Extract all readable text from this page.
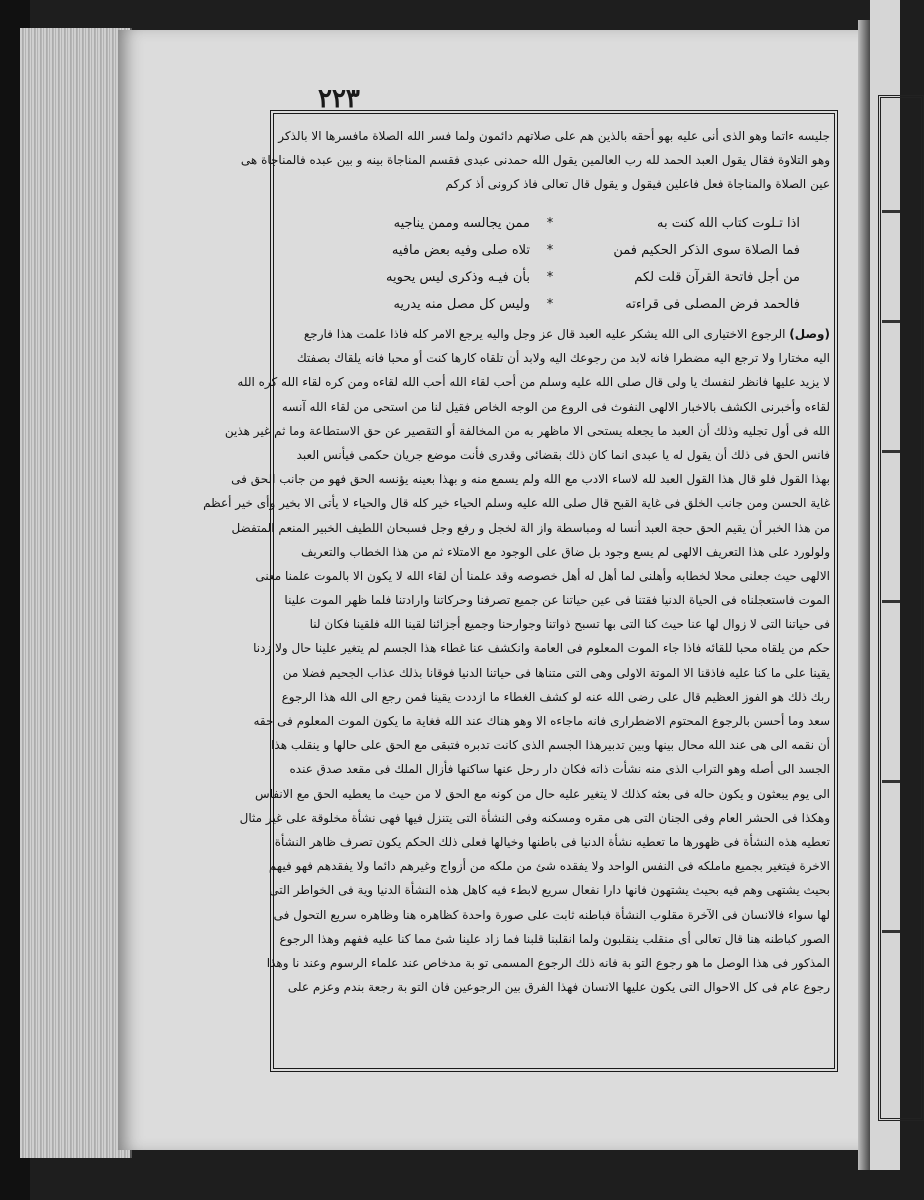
٢٢٣
جليسه ءاتما وهو الذى أنى عليه بهو أحقه بالذين هم على صلاتهم دائمون ولما فسر الله الصلاة مافسرها الا بالذكر
وهو التلاوة فقال يقول العبد الحمد لله رب العالمين يقول الله حمدنى عبدى فقسم المناجاة بينه و بين عبده فالمناجاة هى
عين الصلاة والمناجاة فعل فاعلين فيقول و يقول قال تعالى فاذ كرونى أذ كركم
اذا تـلوت كتاب الله كنت به
*
ممن يجالسه وممن يناجيه
فما الصلاة سوى الذكر الحكيم فمن
*
تلاه صلى وفيه بعض مافيه
من أجل فاتحة القرآن قلت لكم
*
بأن فيـه وذكرى ليس يحويه
فالحمد فرض المصلى فى قراءته
*
وليس كل مصل منه يدريه
(وصل) الرجوع الاختيارى الى الله يشكر عليه العبد قال عز وجل واليه يرجع الامر كله فاذا علمت هذا فارجع
اليه مختارا ولا ترجع اليه مضطرا فانه لابد من رجوعك اليه ولابد أن تلقاه كارها كنت أو محبا فانه يلقاك بصفتك
لا يزيد عليها فانظر لنفسك يا ولى قال صلى الله عليه وسلم من أحب لقاء الله أحب الله لقاءه ومن كره لقاء الله كره الله
لقاءه وأخبرنى الكشف بالاخبار الالهى النفوث فى الروع من الوجه الخاص فقيل لنا من استحى من لقاء الله آنسه
الله فى أول تجليه وذلك أن العبد ما يجعله يستحى الا ماظهر به من المخالفة أو التقصير عن حق الاستطاعة وما ثم غير هذين
فانس الحق فى ذلك أن يقول له يا عبدى انما كان ذلك بقضائى وقدرى فأنت موضع جريان حكمى فيأنس العبد
بهذا القول فلو قال هذا القول العبد لله لاساء الادب مع الله ولم يسمع منه و بهذا بعينه يؤنسه الحق فهو من جانب الحق فى
غاية الحسن ومن جانب الخلق فى غاية القبح قال صلى الله عليه وسلم الحياء خير كله قال والحياء لا يأتى الا بخير وأى خير أعظم
من هذا الخبر أن يقيم الحق حجة العبد أنسا له ومباسطة واز الة لخجل و رفع وجل فسبحان اللطيف الخبير المنعم المتفضل
ولولورد على هذا التعريف الالهى لم يسع وجود بل ضاق على الوجود مع الامتلاء ثم من هذا الخطاب والتعريف
الالهى حيث جعلنى محلا لخطابه وأهلنى لما أهل له أهل خصوصه وقد علمنا أن لقاء الله لا يكون الا بالموت علمنا معنى
الموت فاستعجلناه فى الحياة الدنيا فقتنا فى عين حياتنا عن جميع تصرفنا وحركاتنا وارادتنا فلما ظهر الموت علينا
فى حياتنا التى لا زوال لها عنا حيث كنا التى بها تسبح ذواتنا وجوارحنا وجميع أجزائنا لقينا الله فلقينا فكان لنا
حكم من يلقاه محبا للقائه فاذا جاء الموت المعلوم فى العامة وانكشف عنا غطاء هذا الجسم لم يتغير علينا حال ولا زدنا
يقينا على ما كنا عليه فاذقنا الا الموتة الاولى وهى التى متناها فى حياتنا الدنيا فوقانا بذلك عذاب الجحيم فضلا من
ربك ذلك هو الفوز العظيم قال على رضى الله عنه لو كشف الغطاء ما ازددت يقينا فمن رجع الى الله هذا الرجوع
سعد وما أحسن بالرجوع المحتوم الاضطرارى فانه ماجاءه الا وهو هناك عند الله فغاية ما يكون الموت المعلوم فى حقه
أن نقمه الى هى عند الله محال بينها وبين تدبيرهذا الجسم الذى كانت تدبره فتبقى مع الحق على حالها و ينقلب هذا
الجسد الى أصله وهو التراب الذى منه نشأت ذاته فكان دار رحل عنها ساكنها فأزال الملك فى مقعد صدق عنده
الى يوم يبعثون و يكون حاله فى بعثه كذلك لا يتغير عليه حال من كونه مع الحق لا من حيث ما يعطيه الحق مع الانفاس
وهكذا فى الحشر العام وفى الجنان التى هى مقره ومسكنه وفى النشأة التى يتنزل فيها فهى نشأة مخلوقة على غير مثال
تعطيه هذه النشأة فى ظهورها ما تعطيه نشأة الدنيا فى باطنها وخيالها فعلى ذلك الحكم يكون تصرف ظاهر النشأة
الاخرة فيتغير بجميع ماملكه فى النفس الواحد ولا يفقده شئ من ملكه من أزواج وغيرهم دائما ولا يفقدهم فهو فيهم
بحيث يشتهى وهم فيه بحيث يشتهون فانها دارا نفعال سريع لابطء فيه كاهل هذه النشأة الدنيا وية فى الخواطر التى
لها سواء فالانسان فى الآخرة مقلوب النشأة فباطنه ثابت على صورة واحدة كظاهره هنا وظاهره سريع التحول فى
الصور كباطنه هنا قال تعالى أى منقلب ينقلبون ولما انقلبنا قلبنا فما زاد علينا شئ مما كنا عليه ففهم وهذا الرجوع
المذكور فى هذا الوصل ما هو رجوع التو بة فانه ذلك الرجوع المسمى تو بة مدخاص عند علماء الرسوم وعند نا وهذا
رجوع عام فى كل الاحوال التى يكون عليها الانسان فهذا الفرق بين الرجوعين فان التو بة رجعة بندم وعزم على
